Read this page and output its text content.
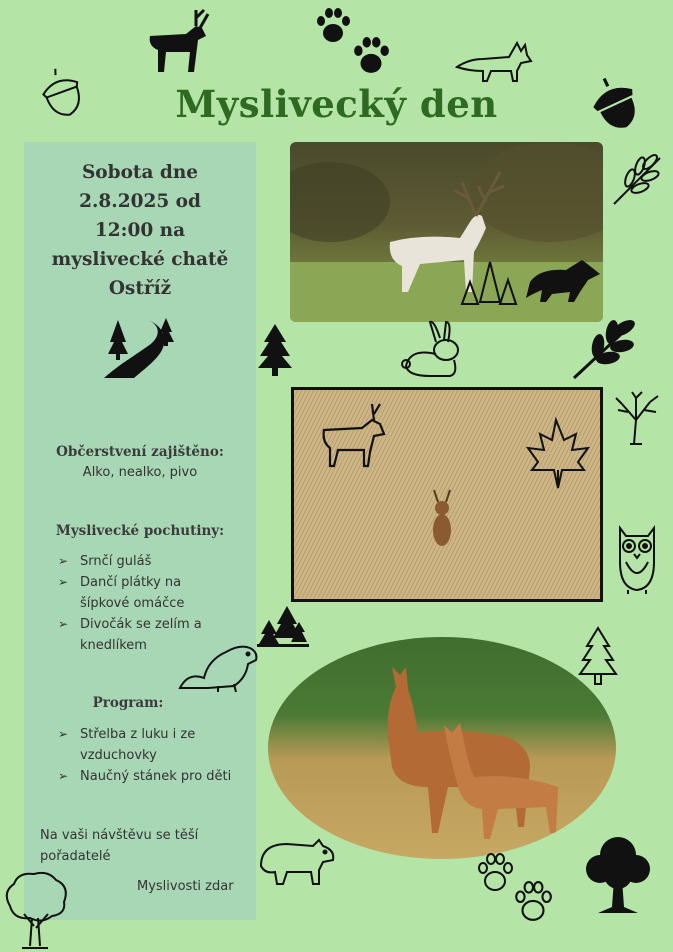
Myslivecký den
Sobota dne
2.8.2025 od
12:00 na
myslivecké chatě
Ostříž
Občerstvení zajištěno:
Alko, nealko, pivo
Myslivecké pochutiny:
➢ Srnčí guláš
➢ Dančí plátky na
šípkové omáčce
➢ Divočák se zelím a
knedlíkem
Program:
➢ Střelba z luku i ze
vzduchovky
➢ Naučný stánek pro děti
Na vaši návštěvu se těší
pořadatelé
Myslivosti zdar
